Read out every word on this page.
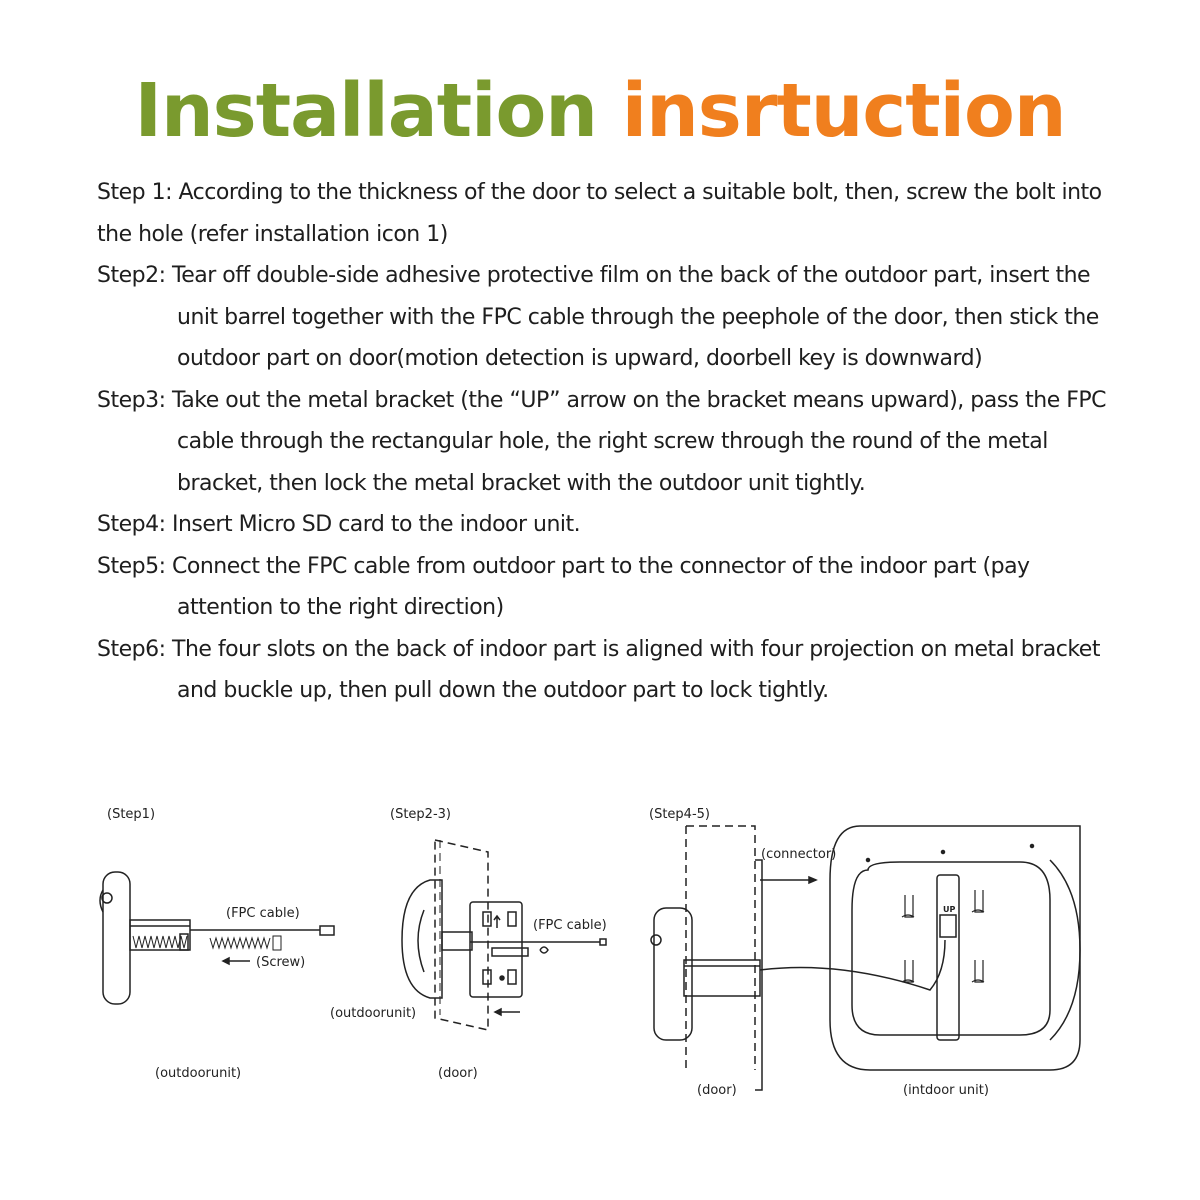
Installation insrtuction

Step 1: According to the thickness of the door to select a suitable bolt, then, screw the bolt into the hole (refer installation icon 1)

Step2: Tear off double-side adhesive protective film on the back of the outdoor part, insert the unit barrel together with the FPC cable through the peephole of the door, then stick the outdoor part on door(motion detection is upward, doorbell key is downward)

Step3: Take out the metal bracket (the “UP” arrow on the bracket means upward), pass the FPC cable through the rectangular hole, the right screw through the round of the metal bracket, then lock the metal bracket with the outdoor unit tightly.

Step4: Insert Micro SD card to the indoor unit.

Step5: Connect the FPC cable from outdoor part to the connector of the indoor part (pay attention to the right direction)

Step6: The four slots on the back of indoor part is aligned with four projection on metal bracket and buckle up, then pull down the outdoor part to lock tightly.

(Step1)
(FPC cable)
(Screw)
(outdoorunit)
(Step2-3)
(FPC cable)
(outdoorunit)
(door)
UP
(Step4-5)
(connector)
(door)	(intdoor unit)
